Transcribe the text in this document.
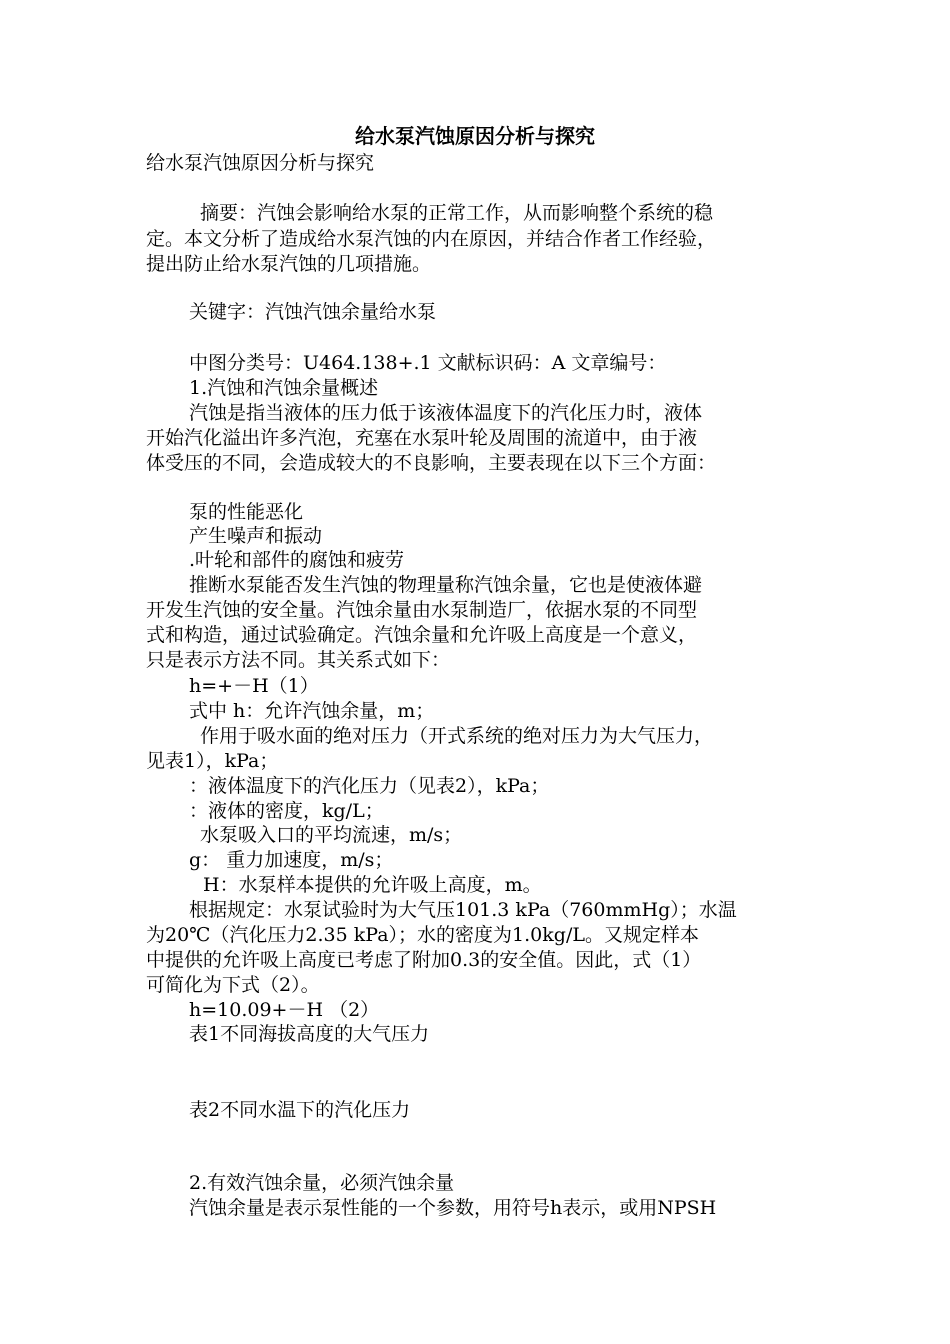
给水泵汽蚀原因分析与探究
给水泵汽蚀原因分析与探究
摘要：汽蚀会影响给水泵的正常工作，从而影响整个系统的稳
定。本文分析了造成给水泵汽蚀的内在原因，并结合作者工作经验，
提出防止给水泵汽蚀的几项措施。
关键字：汽蚀汽蚀余量给水泵
中图分类号：U464.138+.1 文献标识码：A 文章编号：
1.汽蚀和汽蚀余量概述
汽蚀是指当液体的压力低于该液体温度下的汽化压力时，液体
开始汽化溢出许多汽泡，充塞在水泵叶轮及周围的流道中，由于液
体受压的不同，会造成较大的不良影响，主要表现在以下三个方面：
泵的性能恶化
产生噪声和振动
.叶轮和部件的腐蚀和疲劳
推断水泵能否发生汽蚀的物理量称汽蚀余量，它也是使液体避
开发生汽蚀的安全量。汽蚀余量由水泵制造厂，依据水泵的不同型
式和构造，通过试验确定。汽蚀余量和允许吸上高度是一个意义，
只是表示方法不同。其关系式如下：
h=+－H（1）
式中 h：允许汽蚀余量，m；
作用于吸水面的绝对压力（开式系统的绝对压力为大气压力，
见表1），kPa；
：液体温度下的汽化压力（见表2），kPa；
：液体的密度，kg/L；
水泵吸入口的平均流速，m/s；
g： 重力加速度，m/s；
H：水泵样本提供的允许吸上高度，m。
根据规定：水泵试验时为大气压101.3 kPa（760mmHg）；水温
为20℃（汽化压力2.35 kPa）；水的密度为1.0kg/L。又规定样本
中提供的允许吸上高度已考虑了附加0.3的安全值。因此，式（1）
可简化为下式（2）。
h=10.09+－H （2）
表1不同海拔高度的大气压力
表2不同水温下的汽化压力
2.有效汽蚀余量，必须汽蚀余量
汽蚀余量是表示泵性能的一个参数，用符号h表示，或用NPSH
